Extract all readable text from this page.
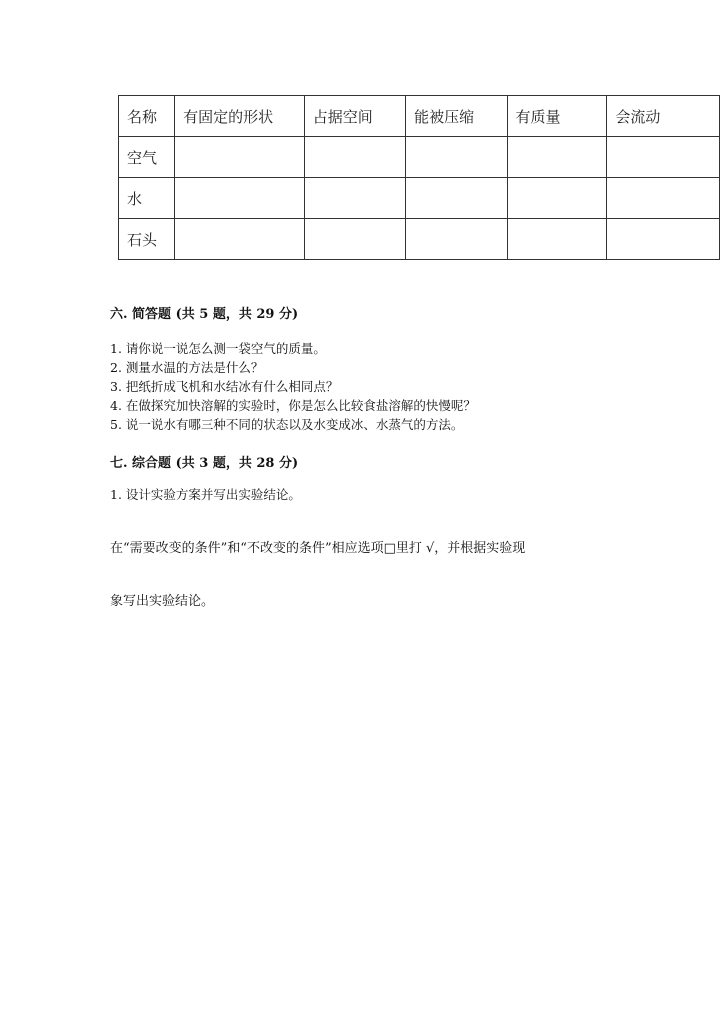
名称	有固定的形状	占据空间	能被压缩	有质量	会流动
空气					
水					
石头					
六. 简答题 (共 5 题，共 29 分)
1. 请你说一说怎么测一袋空气的质量。
2. 测量水温的方法是什么？
3. 把纸折成飞机和水结冰有什么相同点？
4. 在做探究加快溶解的实验时，你是怎么比较食盐溶解的快慢呢？
5. 说一说水有哪三种不同的状态以及水变成冰、水蒸气的方法。
七. 综合题 (共 3 题，共 28 分)
1. 设计实验方案并写出实验结论。
在“需要改变的条件”和“不改变的条件”相应选项□里打 √，并根据实验现
象写出实验结论。
